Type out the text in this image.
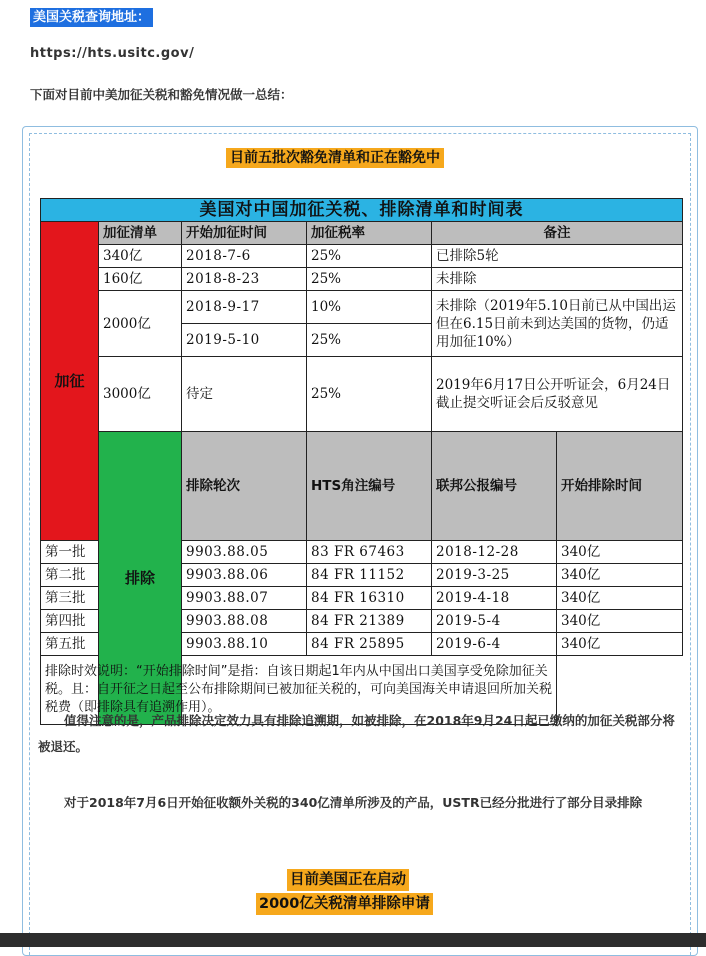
美国关税查询地址：
https://hts.usitc.gov/
下面对目前中美加征关税和豁免情况做一总结：
目前五批次豁免清单和正在豁免中
美国对中国加征关税、排除清单和时间表						
加征	加征清单	开始加征时间	加征税率	备注		
	340亿	2018-7-6	25%	已排除5轮		
	160亿	2018-8-23	25%	未排除		
	2000亿	2018-9-17	10%	未排除（2019年5.10日前已从中国出运但在6.15日前未到达美国的货物，仍适用加征10%）		
		2019-5-10	25%			
	3000亿	待定	25%	2019年6月17日公开听证会，6月24日截止提交听证会后反驳意见		
	排除	排除轮次	HTS角注编号	联邦公报编号	开始排除时间	
第一批		9903.88.05	83 FR 67463	2018-12-28	340亿	
第二批		9903.88.06	84 FR 11152	2019-3-25	340亿	
第三批		9903.88.07	84 FR 16310	2019-4-18	340亿	
第四批		9903.88.08	84 FR 21389	2019-5-4	340亿	
第五批		9903.88.10	84 FR 25895	2019-6-4	340亿	
排除时效说明：“开始排除时间”是指：自该日期起1年内从中国出口美国享受免除加征关税。且：自开征之日起至公布排除期间已被加征关税的，可向美国海关申请退回所加关税税费（即排除具有追溯作用）。						
值得注意的是，产品排除决定效力具有排除追溯期，如被排除，在2018年9月24日起已缴纳的加征关税部分将被退还。
对于2018年7月6日开始征收额外关税的340亿清单所涉及的产品，USTR已经分批进行了部分目录排除
目前美国正在启动
2000亿关税清单排除申请
